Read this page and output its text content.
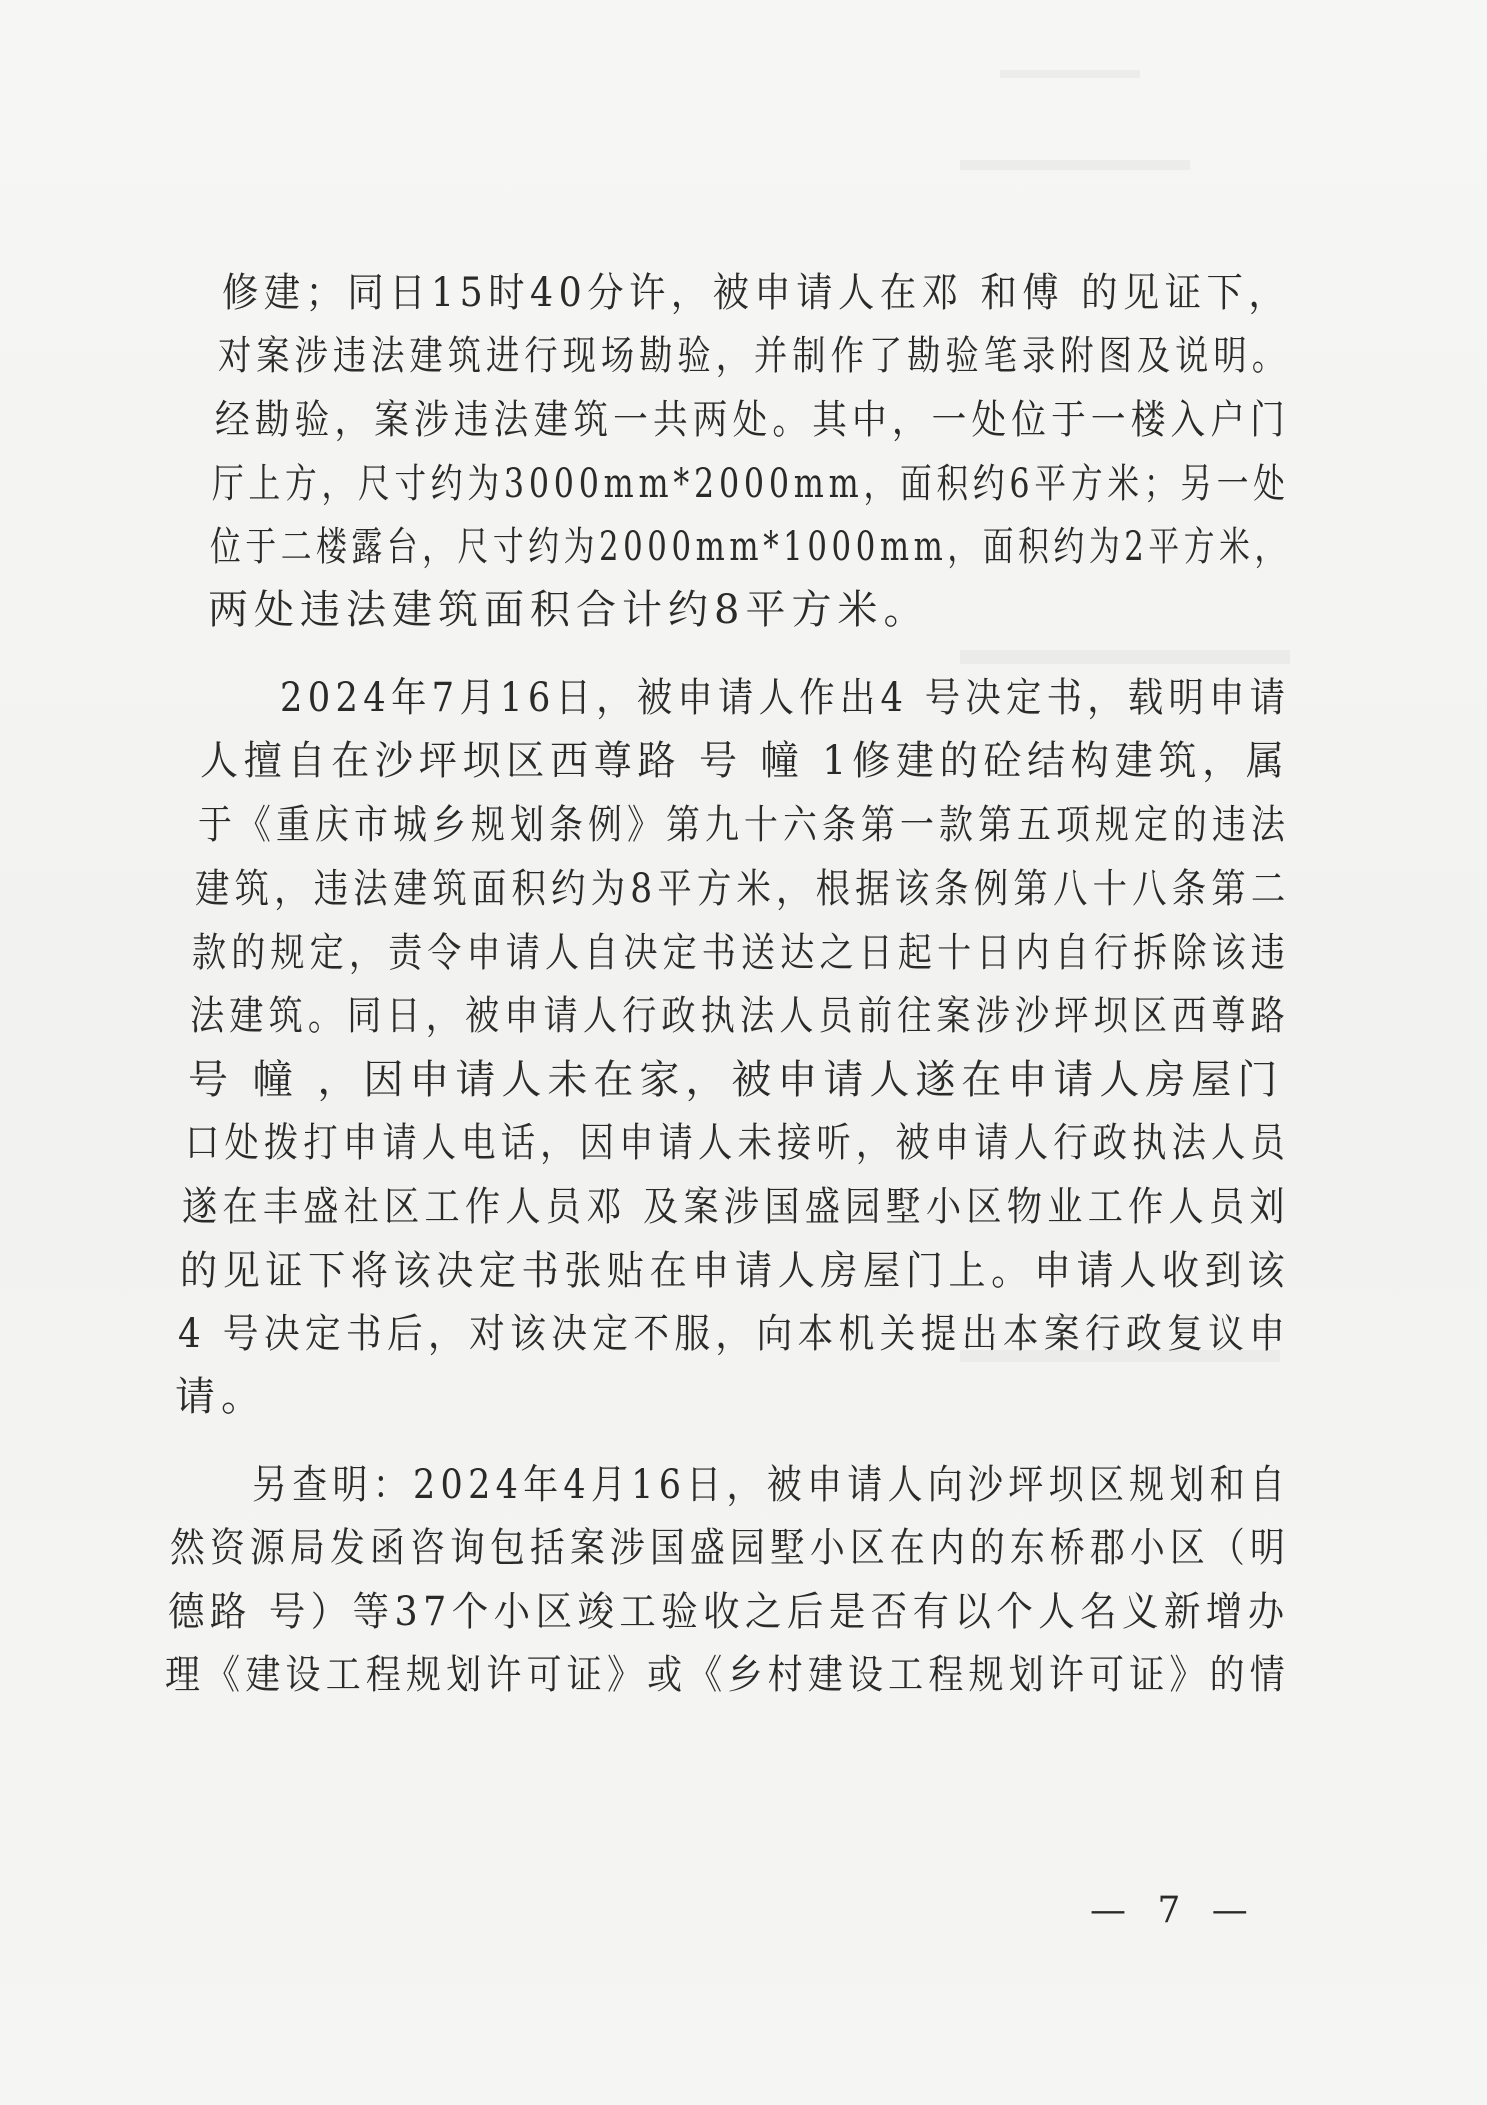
修建；同日15时40分许，被申请人在邓 和傅 的见证下，
对案涉违法建筑进行现场勘验，并制作了勘验笔录附图及说明。
经勘验，案涉违法建筑一共两处。其中，一处位于一楼入户门
厅上方，尺寸约为3000mm*2000mm，面积约6平方米；另一处
位于二楼露台，尺寸约为2000mm*1000mm，面积约为2平方米，
两处违法建筑面积合计约8平方米。
2024年7月16日，被申请人作出4 号决定书，载明申请
人擅自在沙坪坝区西尊路 号 幢 1修建的砼结构建筑，属
于《重庆市城乡规划条例》第九十六条第一款第五项规定的违法
建筑，违法建筑面积约为8平方米，根据该条例第八十八条第二
款的规定，责令申请人自决定书送达之日起十日内自行拆除该违
法建筑。同日，被申请人行政执法人员前往案涉沙坪坝区西尊路
号 幢 ，因申请人未在家，被申请人遂在申请人房屋门
口处拨打申请人电话，因申请人未接听，被申请人行政执法人员
遂在丰盛社区工作人员邓 及案涉国盛园墅小区物业工作人员刘
的见证下将该决定书张贴在申请人房屋门上。申请人收到该
4 号决定书后，对该决定不服，向本机关提出本案行政复议申
请。
另查明：2024年4月16日，被申请人向沙坪坝区规划和自
然资源局发函咨询包括案涉国盛园墅小区在内的东桥郡小区（明
德路 号）等37个小区竣工验收之后是否有以个人名义新增办
理《建设工程规划许可证》或《乡村建设工程规划许可证》的情
— 7 —
